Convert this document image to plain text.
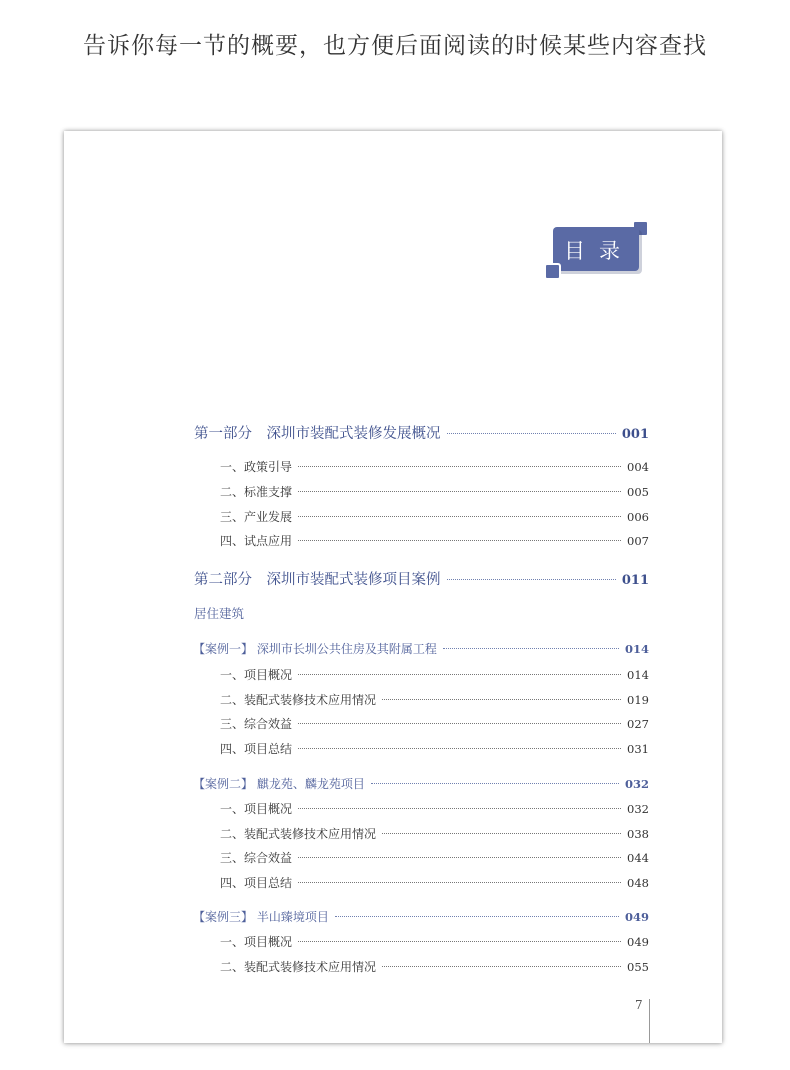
告诉你每一节的概要，也方便后面阅读的时候某些内容查找
目录
第一部分　深圳市装配式装修发展概况	001
一、政策引导	004
二、标准支撑	005
三、产业发展	006
四、试点应用	007
第二部分　深圳市装配式装修项目案例	011
居住建筑
【案例一】 深圳市长圳公共住房及其附属工程	014
一、项目概况	014
二、装配式装修技术应用情况	019
三、综合效益	027
四、项目总结	031
【案例二】 麒龙苑、麟龙苑项目	032
一、项目概况	032
二、装配式装修技术应用情况	038
三、综合效益	044
四、项目总结	048
【案例三】 半山臻境项目	049
一、项目概况	049
二、装配式装修技术应用情况	055
7
